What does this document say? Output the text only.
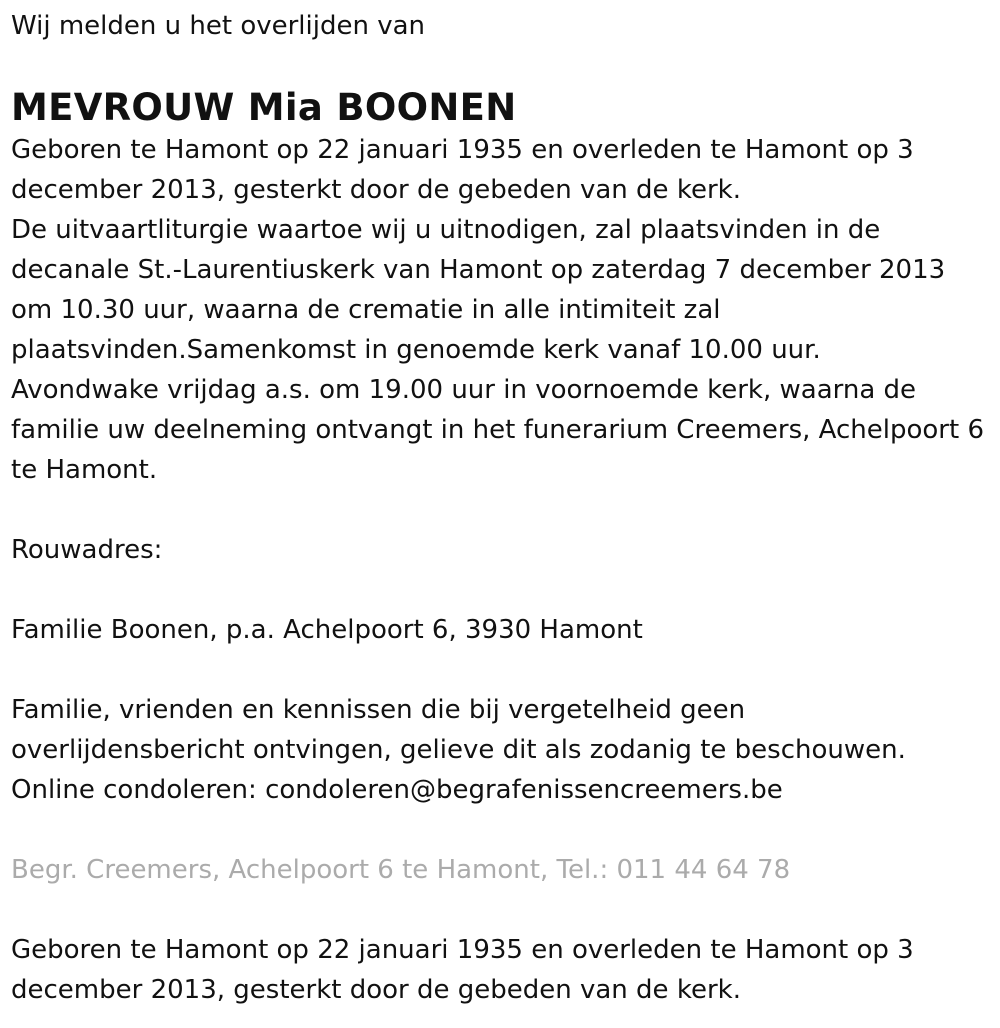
Wij melden u het overlijden van

MEVROUW Mia BOONEN

Geboren te Hamont op 22 januari 1935 en overleden te Hamont op 3 december 2013, gesterkt door de gebeden van de kerk.

De uitvaartliturgie waartoe wij u uitnodigen, zal plaatsvinden in de decanale St.-Laurentiuskerk van Hamont op zaterdag 7 december 2013 om 10.30 uur, waarna de crematie in alle intimiteit zal plaatsvinden.Samenkomst in genoemde kerk vanaf 10.00 uur.

Avondwake vrijdag a.s. om 19.00 uur in voornoemde kerk, waarna de familie uw deelneming ontvangt in het funerarium Creemers, Achelpoort 6 te Hamont.

Rouwadres:

Familie Boonen, p.a. Achelpoort 6, 3930 Hamont

Familie, vrienden en kennissen die bij vergetelheid geen overlijdensbericht ontvingen, gelieve dit als zodanig te beschouwen.

Online condoleren: condoleren@begrafenissencreemers.be

Begr. Creemers, Achelpoort 6 te Hamont, Tel.: 011 44 64 78

Geboren te Hamont op 22 januari 1935 en overleden te Hamont op 3 december 2013, gesterkt door de gebeden van de kerk.
